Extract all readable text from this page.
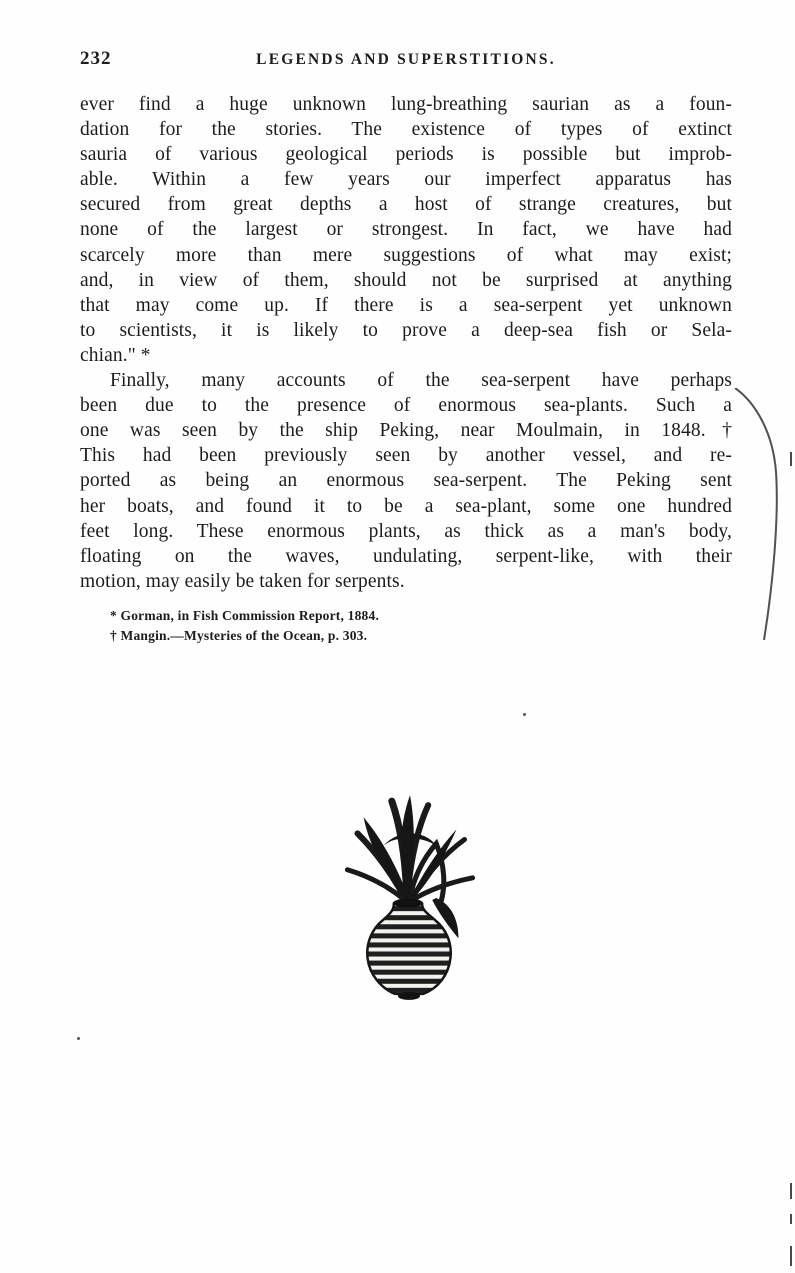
232	LEGENDS AND SUPERSTITIONS.
ever find a huge unknown lung-breathing saurian as a foun-
dation for the stories. The existence of types of extinct
sauria of various geological periods is possible but improb-
able. Within a few years our imperfect apparatus has
secured from great depths a host of strange creatures, but
none of the largest or strongest. In fact, we have had
scarcely more than mere suggestions of what may exist;
and, in view of them, should not be surprised at anything
that may come up. If there is a sea-serpent yet unknown
to scientists, it is likely to prove a deep-sea fish or Sela-
chian." *
Finally, many accounts of the sea-serpent have perhaps
been due to the presence of enormous sea-plants. Such a
one was seen by the ship Peking, near Moulmain, in 1848.†
This had been previously seen by another vessel, and re-
ported as being an enormous sea-serpent. The Peking sent
her boats, and found it to be a sea-plant, some one hundred
feet long. These enormous plants, as thick as a man's body,
floating on the waves, undulating, serpent-like, with their
motion, may easily be taken for serpents.
* Gorman, in Fish Commission Report, 1884.
† Mangin.—Mysteries of the Ocean, p. 303.
